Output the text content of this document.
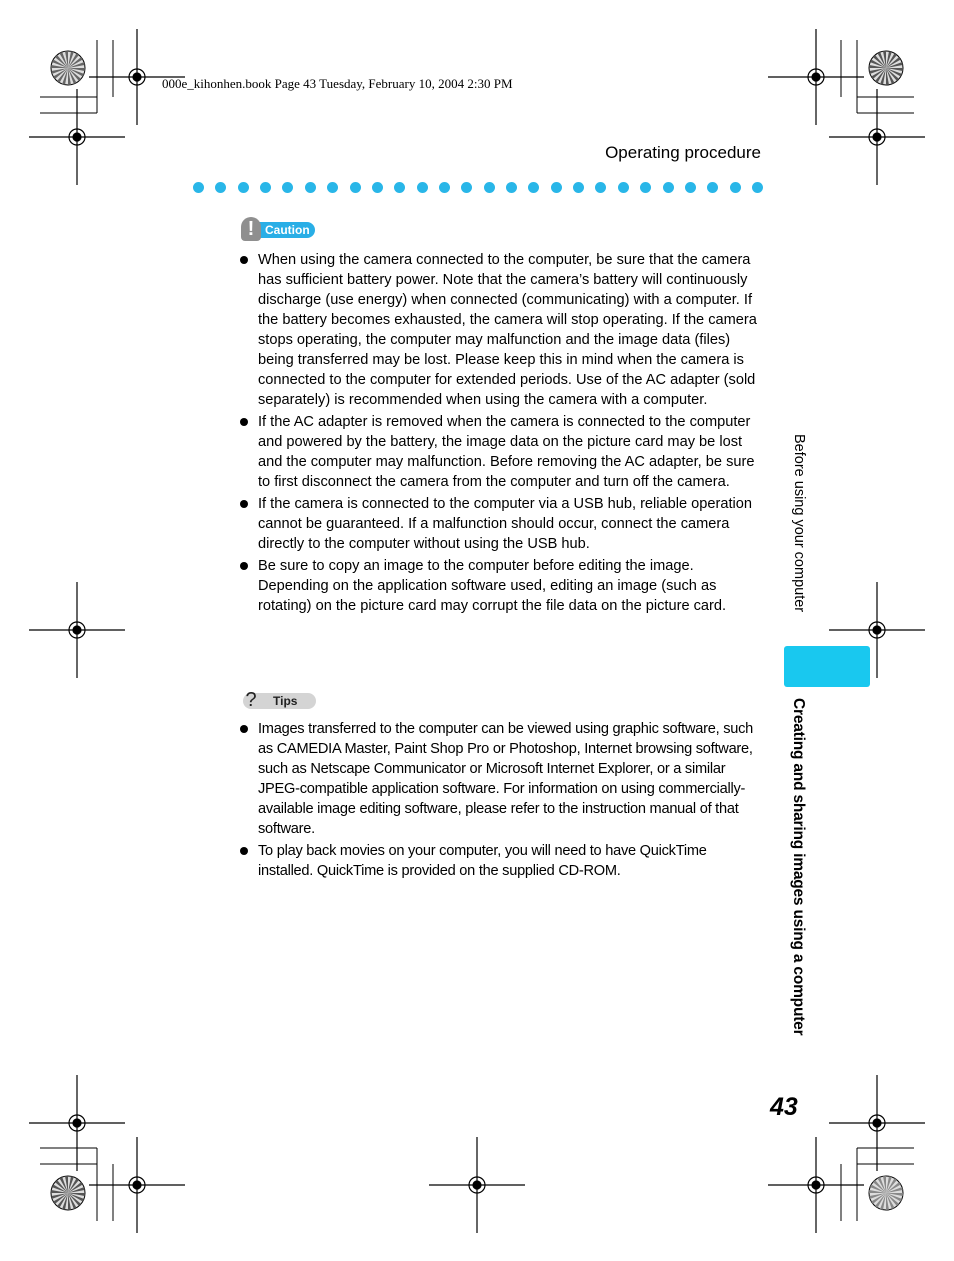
000e_kihonhen.book Page 43 Tuesday, February 10, 2004 2:30 PM
Operating procedure
! Caution
When using the camera connected to the computer, be sure that the camera has sufficient battery power. Note that the camera’s battery will continuously discharge (use energy) when connected (communicating) with a computer. If the battery becomes exhausted, the camera will stop operating. If the camera stops operating, the computer may malfunction and the image data (files) being transferred may be lost. Please keep this in mind when the camera is connected to the computer for extended periods. Use of the AC adapter (sold separately) is recommended when using the camera with a computer.
If the AC adapter is removed when the camera is connected to the computer and powered by the battery, the image data on the picture card may be lost and the computer may malfunction. Before removing the AC adapter, be sure to first disconnect the camera from the computer and turn off the camera.
If the camera is connected to the computer via a USB hub, reliable operation cannot be guaranteed. If a malfunction should occur, connect the camera directly to the computer without using the USB hub.
Be sure to copy an image to the computer before editing the image. Depending on the application software used, editing an image (such as rotating) on the picture card may corrupt the file data on the picture card.
?	Tips
Images transferred to the computer can be viewed using graphic software, such as CAMEDIA Master, Paint Shop Pro or Photoshop, Internet browsing software, such as Netscape Communicator or Microsoft Internet Explorer, or a similar JPEG-compatible application software. For information on using commercially-available image editing software, please refer to the instruction manual of that software.
To play back movies on your computer, you will need to have QuickTime installed. QuickTime is provided on the supplied CD-ROM.
Before using your computer
Creating and sharing images using a computer
43
